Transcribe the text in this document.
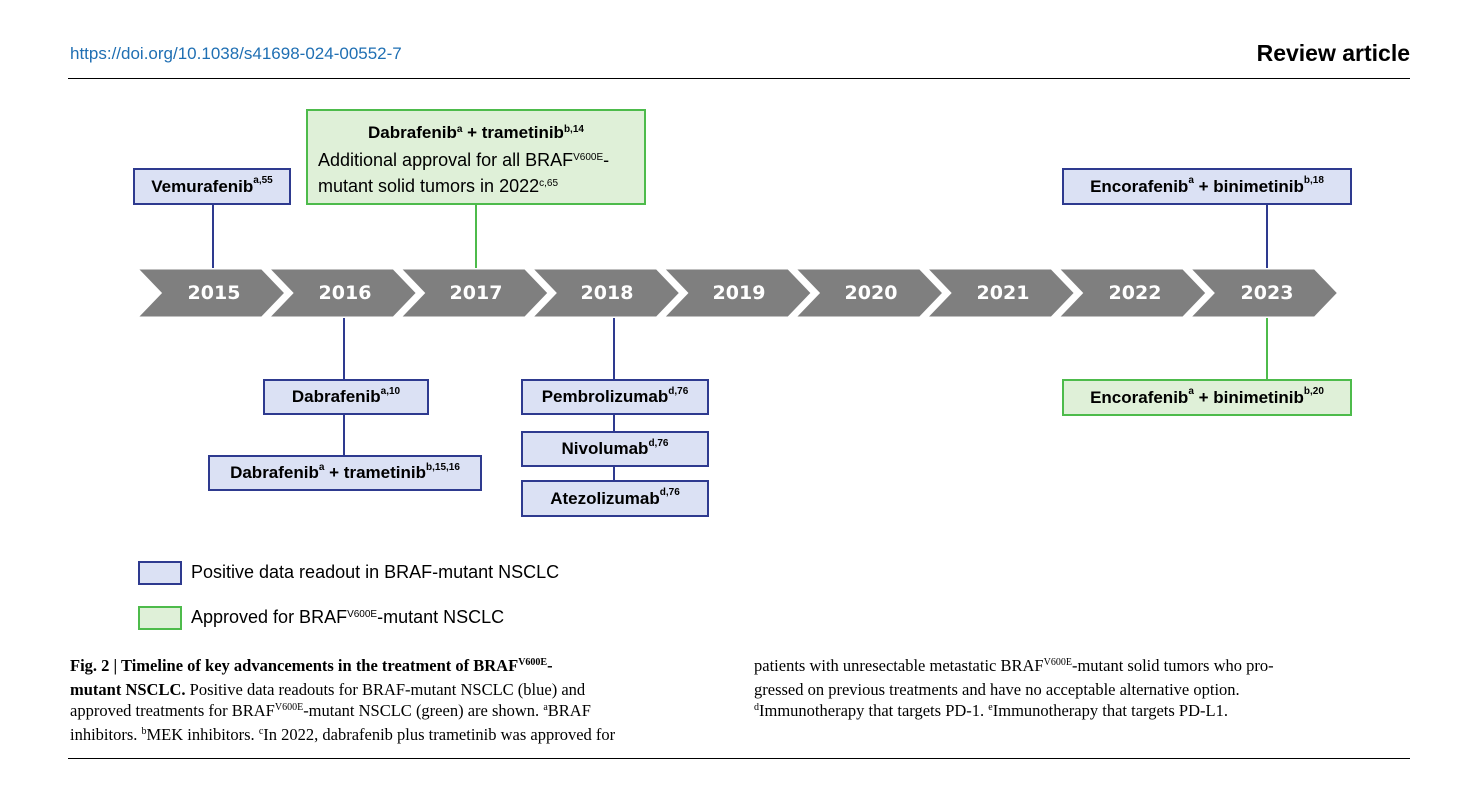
https://doi.org/10.1038/s41698-024-00552-7	Review article
2015	2016	2017	2018	2019	2020	2021	2022	2023
Vemurafenib$^{a,55}$
Dabrafenib$^a$ + trametinib$^{b,14}$
Additional approval for all $BRAF^{V600E}-$
mutant solid tumors in 2022$^{c,65}$	Encorafenib$^a$ + binimetinib$^{b,18}$
Dabrafenib$^{a,10}$
Dabrafenib$^a$ + trametinib$^{b,15,16}$
Pembrolizumab$^{d,76}$
Nivolumab$^{d,76}$
Atezolizumab$^{d,76}$
Encorafenib$^a$ + binimetinib$^{b,20}$
Positive data readout in BRAF-mutant NSCLC
Approved for $BRAF^{V600E}$-mutant NSCLC
Fig. 2 | Timeline of key advancements in the treatment of $BRAF^{V600E}-$
mutant NSCLC. Positive data readouts for BRAF-mutant NSCLC (blue) and
approved treatments for $BRAF^{V600E}$-mutant NSCLC (green) are shown. $^a$BRAF
inhibitors. $^b$MEK inhibitors. $^c$In 2022, dabrafenib plus trametinib was approved for
patients with unresectable metastatic $BRAF^{V600E}$-mutant solid tumors who pro-
gressed on previous treatments and have no acceptable alternative option.
$^d$Immunotherapy that targets PD-1. $^e$Immunotherapy that targets PD-L1.
